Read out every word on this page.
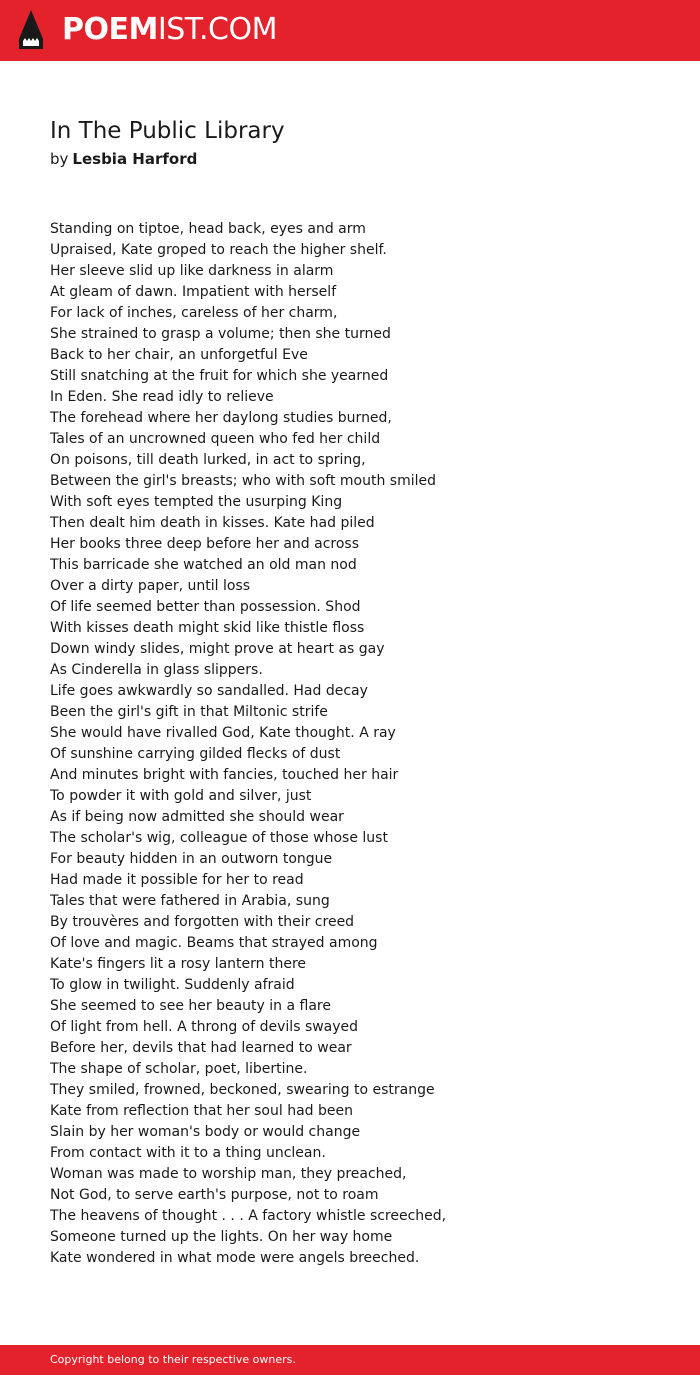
POEMIST.COM
In The Public Library
by Lesbia Harford
Standing on tiptoe, head back, eyes and arm
Upraised, Kate groped to reach the higher shelf.
Her sleeve slid up like darkness in alarm
At gleam of dawn. Impatient with herself
For lack of inches, careless of her charm,
She strained to grasp a volume; then she turned
Back to her chair, an unforgetful Eve
Still snatching at the fruit for which she yearned
In Eden. She read idly to relieve
The forehead where her daylong studies burned,
Tales of an uncrowned queen who fed her child
On poisons, till death lurked, in act to spring,
Between the girl's breasts; who with soft mouth smiled
With soft eyes tempted the usurping King
Then dealt him death in kisses. Kate had piled
Her books three deep before her and across
This barricade she watched an old man nod
Over a dirty paper, until loss
Of life seemed better than possession. Shod
With kisses death might skid like thistle floss
Down windy slides, might prove at heart as gay
As Cinderella in glass slippers.
Life goes awkwardly so sandalled. Had decay
Been the girl's gift in that Miltonic strife
She would have rivalled God, Kate thought. A ray
Of sunshine carrying gilded flecks of dust
And minutes bright with fancies, touched her hair
To powder it with gold and silver, just
As if being now admitted she should wear
The scholar's wig, colleague of those whose lust
For beauty hidden in an outworn tongue
Had made it possible for her to read
Tales that were fathered in Arabia, sung
By trouvères and forgotten with their creed
Of love and magic. Beams that strayed among
Kate's fingers lit a rosy lantern there
To glow in twilight. Suddenly afraid
She seemed to see her beauty in a flare
Of light from hell. A throng of devils swayed
Before her, devils that had learned to wear
The shape of scholar, poet, libertine.
They smiled, frowned, beckoned, swearing to estrange
Kate from reflection that her soul had been
Slain by her woman's body or would change
From contact with it to a thing unclean.
Woman was made to worship man, they preached,
Not God, to serve earth's purpose, not to roam
The heavens of thought . . . A factory whistle screeched,
Someone turned up the lights. On her way home
Kate wondered in what mode were angels breeched.
Copyright belong to their respective owners.
